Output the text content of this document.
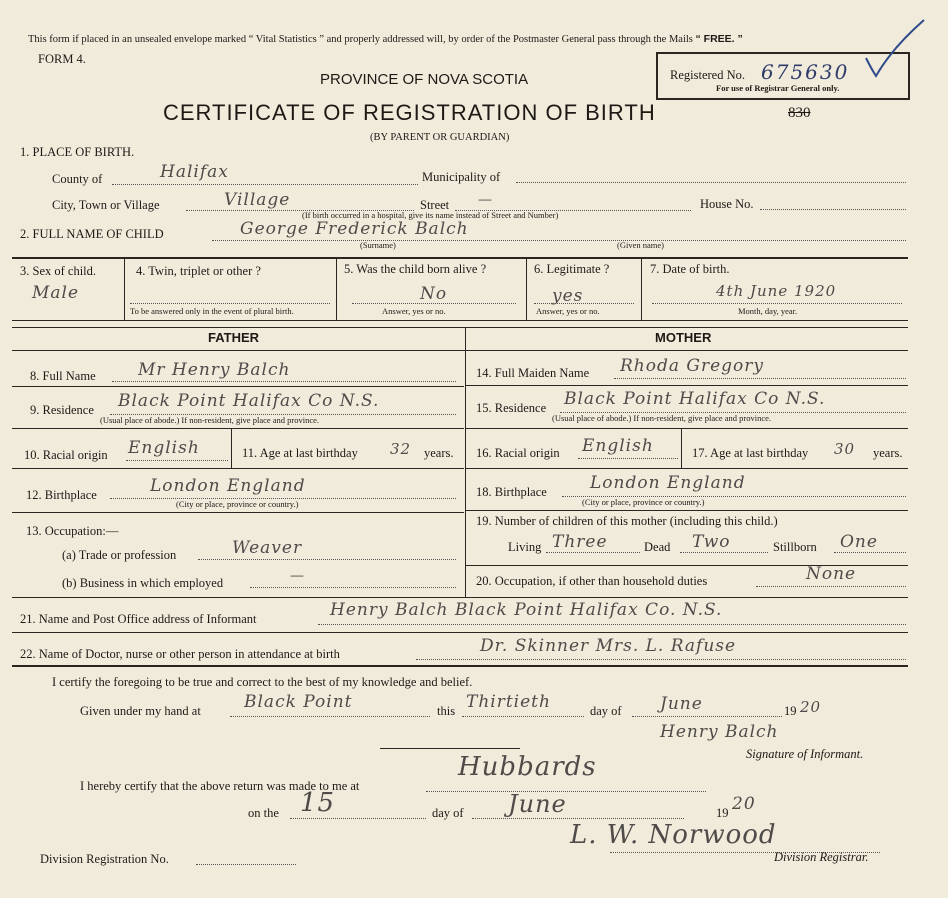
This form if placed in an unsealed envelope marked “ Vital Statistics ” and properly addressed will, by order of the Postmaster General pass through the Mails “ FREE. ”
FORM 4.
PROVINCE OF NOVA SCOTIA
CERTIFICATE OF REGISTRATION OF BIRTH	830
(BY PARENT OR GUARDIAN)
Registered No. 675630
For use of Registrar General only.
1. PLACE OF BIRTH.
County of	Halifax	Municipality of
City, Town or Village	Village	Street —	House No.
(If birth occurred in a hospital, give its name instead of Street and Number)
2. FULL NAME OF CHILD	George Frederick Balch
(Surname)	(Given name)
3. Sex of child.
Male
4. Twin, triplet or other ?
To be answered only in the event of plural birth.
5. Was the child born alive ?
No
Answer, yes or no.
6. Legitimate ?
yes
Answer, yes or no.
7. Date of birth.
4th June 1920
Month, day, year.
FATHER	MOTHER
8. Full Name Mr Henry Balch
9. Residence Black Point Halifax Co N.S.
(Usual place of abode.) If non-resident, give place and province.
10. Racial origin English	11. Age at last birthday 32 years.
12. Birthplace	London England
(City or place, province or country.)
13. Occupation:—
(a) Trade or profession	Weaver
(b) Business in which employed	—
14. Full Maiden Name Rhoda Gregory
15. Residence Black Point Halifax Co N.S.
(Usual place of abode.) If non-resident, give place and province.
16. Racial origin English	17. Age at last birthday 30 years.
18. Birthplace	London England
(City or place, province or country.)
19. Number of children of this mother (including this child.)
Living Three	Dead Two	Stillborn One
20. Occupation, if other than household duties	None
21. Name and Post Office address of Informant	Henry Balch Black Point Halifax Co. N.S.
22. Name of Doctor, nurse or other person in attendance at birth	Dr. Skinner Mrs. L. Rafuse
I certify the foregoing to be true and correct to the best of my knowledge and belief.
Given under my hand at	Black Point	this Thirtieth	day of June	19 20
Henry Balch
Signature of Informant.
I hereby certify that the above return was made to me at
Hubbards
on the 15	day of June	19 20
Division Registration No.
L. W. Norwood
Division Registrar.
